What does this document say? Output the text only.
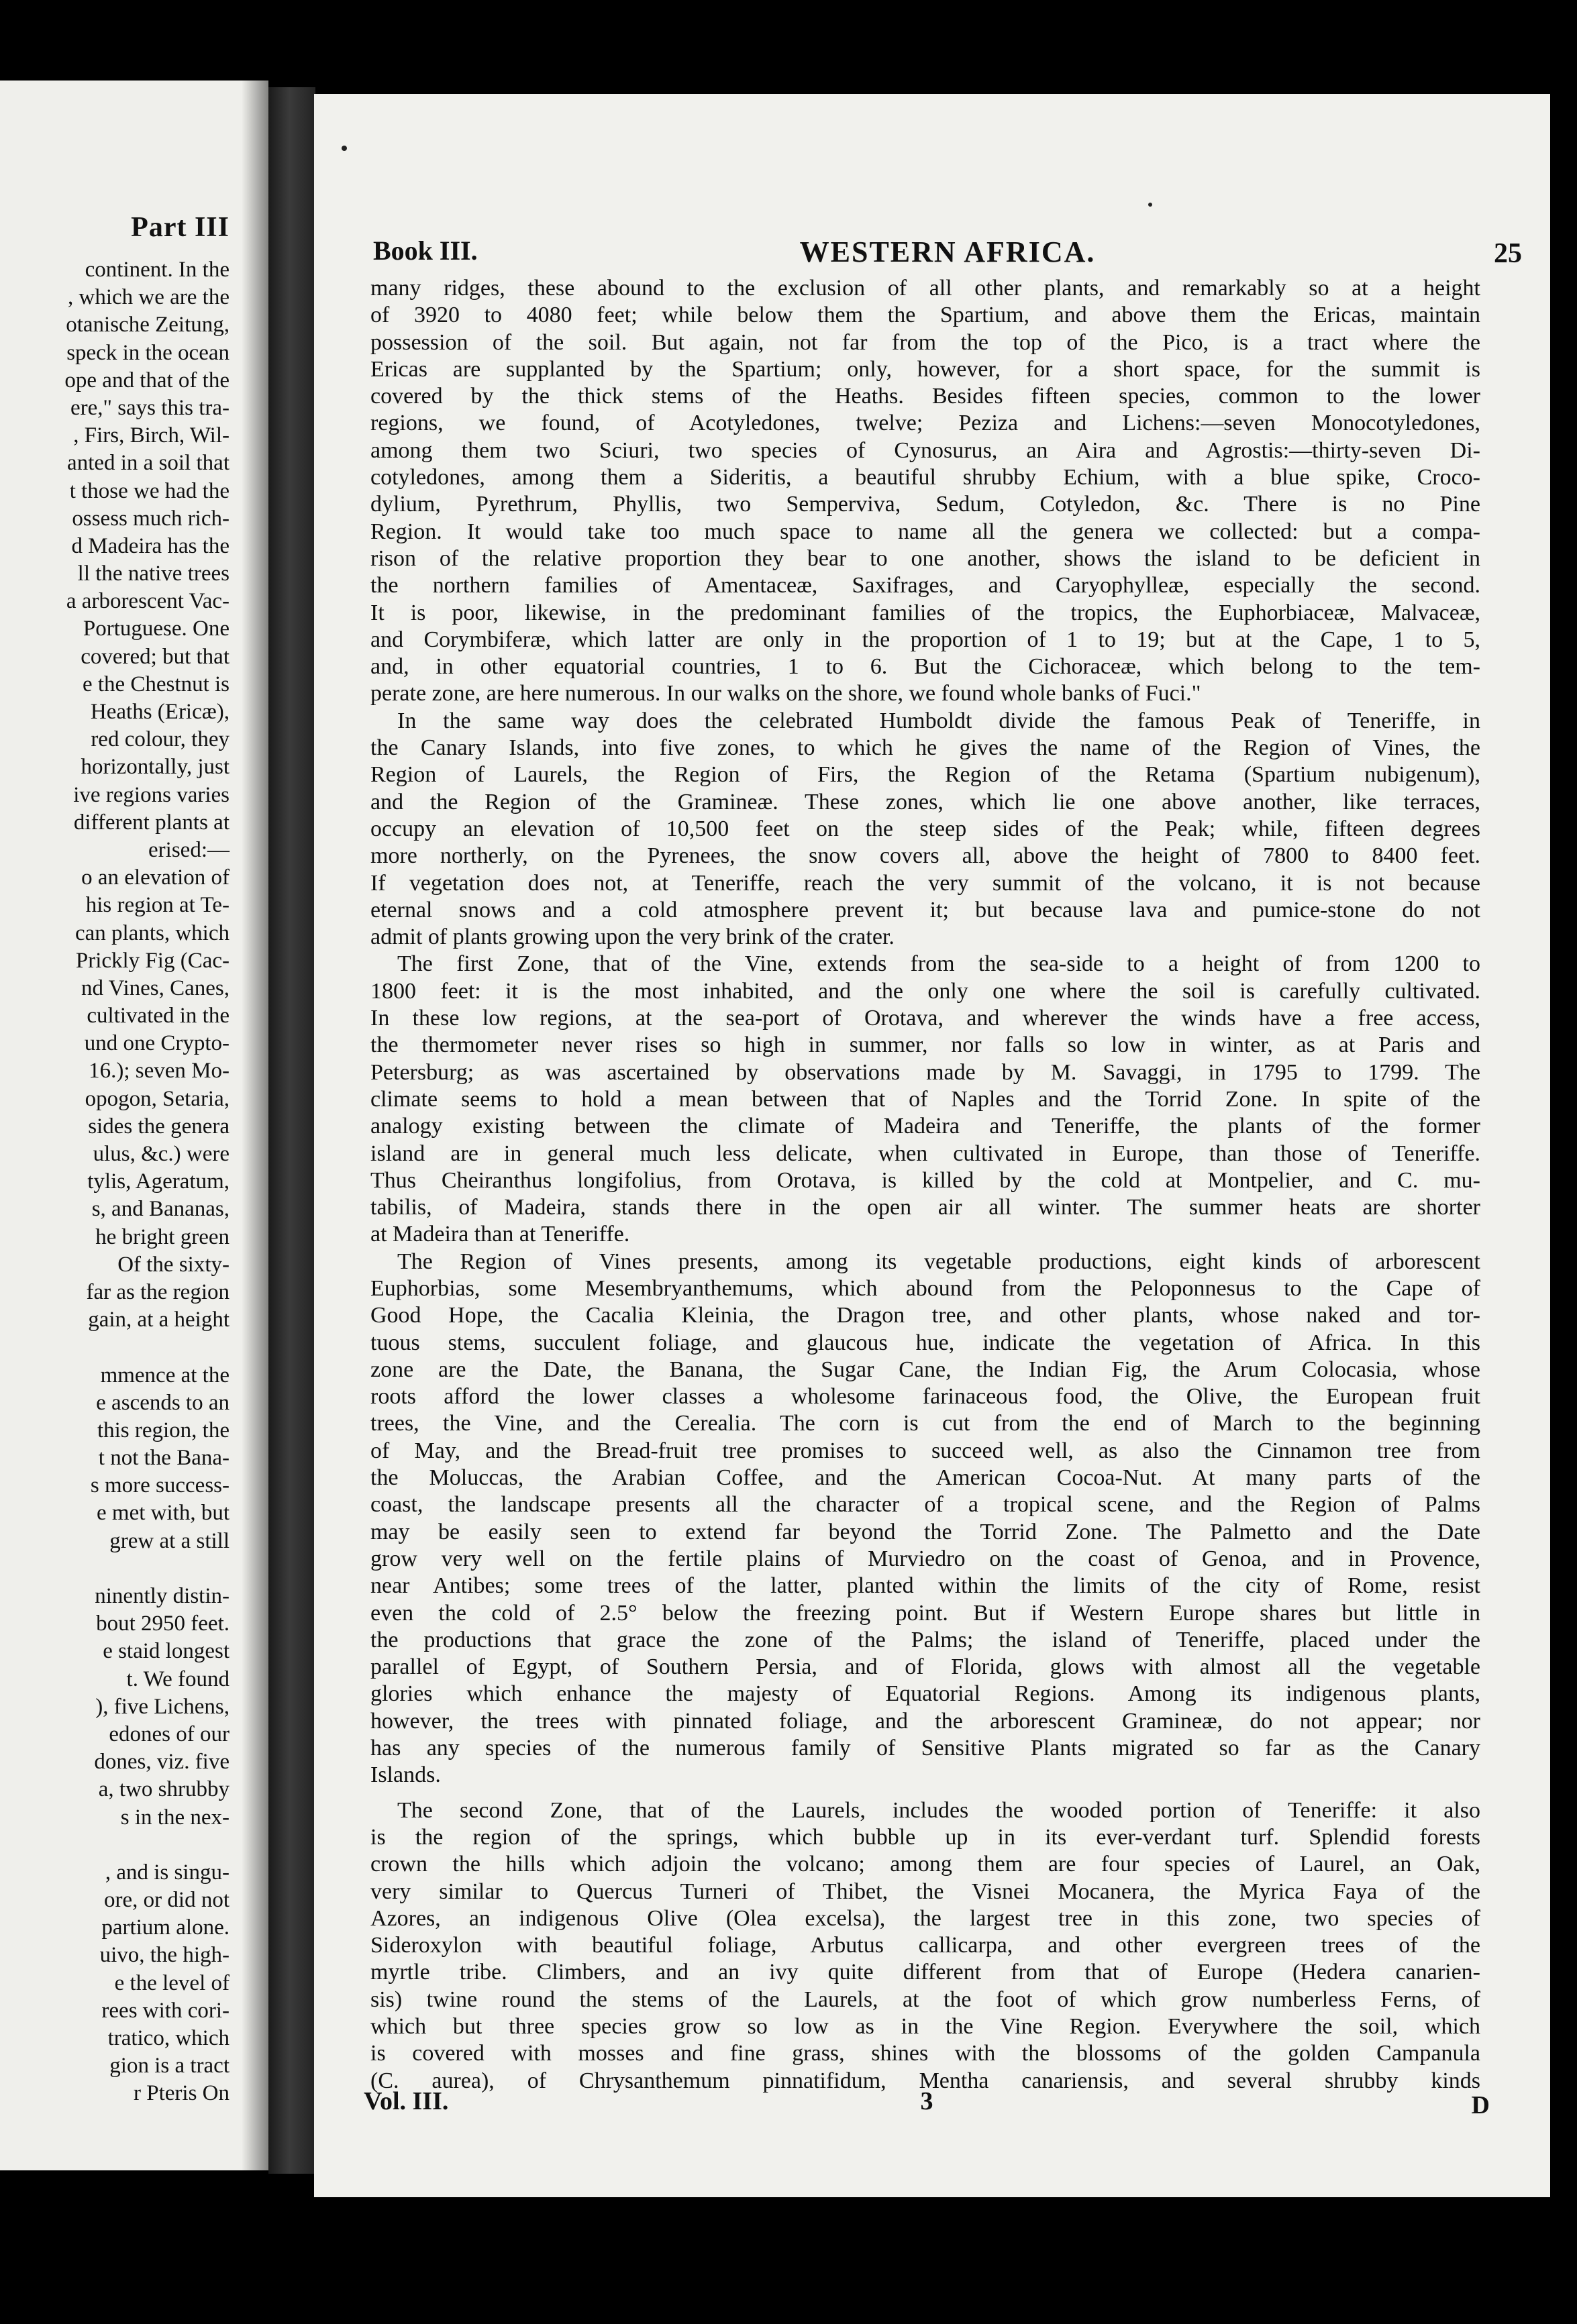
Part III
continent. In the
, which we are the
otanische Zeitung,
speck in the ocean
ope and that of the
ere," says this tra-
, Firs, Birch, Wil-
anted in a soil that
t those we had the
ossess much rich-
d Madeira has the
ll the native trees
a arborescent Vac-
Portuguese. One
covered; but that
e the Chestnut is
Heaths (Ericæ),
red colour, they
horizontally, just
ive regions varies
different plants at
erised:—
o an elevation of
his region at Te-
can plants, which
Prickly Fig (Cac-
nd Vines, Canes,
cultivated in the
und one Crypto-
16.); seven Mo-
opogon, Setaria,
sides the genera
ulus, &c.) were
tylis, Ageratum,
s, and Bananas,
he bright green
Of the sixty-
far as the region
gain, at a height
mmence at the
e ascends to an
this region, the
t not the Bana-
s more success-
e met with, but
grew at a still
ninently distin-
bout 2950 feet.
e staid longest
t. We found
), five Lichens,
edones of our
dones, viz. five
a, two shrubby
s in the nex-
, and is singu-
ore, or did not
partium alone.
uivo, the high-
e the level of
rees with cori-
tratico, which
gion is a tract
r Pteris On
Book III.	WESTERN AFRICA.	25
many ridges, these abound to the exclusion of all other plants, and remarkably so at a height
of 3920 to 4080 feet; while below them the Spartium, and above them the Ericas, maintain
possession of the soil. But again, not far from the top of the Pico, is a tract where the
Ericas are supplanted by the Spartium; only, however, for a short space, for the summit is
covered by the thick stems of the Heaths. Besides fifteen species, common to the lower
regions, we found, of Acotyledones, twelve; Peziza and Lichens:—seven Monocotyledones,
among them two Sciuri, two species of Cynosurus, an Aira and Agrostis:—thirty-seven Di-
cotyledones, among them a Sideritis, a beautiful shrubby Echium, with a blue spike, Croco-
dylium, Pyrethrum, Phyllis, two Semperviva, Sedum, Cotyledon, &c. There is no Pine
Region. It would take too much space to name all the genera we collected: but a compa-
rison of the relative proportion they bear to one another, shows the island to be deficient in
the northern families of Amentaceæ, Saxifrages, and Caryophylleæ, especially the second.
It is poor, likewise, in the predominant families of the tropics, the Euphorbiaceæ, Malvaceæ,
and Corymbiferæ, which latter are only in the proportion of 1 to 19; but at the Cape, 1 to 5,
and, in other equatorial countries, 1 to 6. But the Cichoraceæ, which belong to the tem-
perate zone, are here numerous. In our walks on the shore, we found whole banks of Fuci."
In the same way does the celebrated Humboldt divide the famous Peak of Teneriffe, in
the Canary Islands, into five zones, to which he gives the name of the Region of Vines, the
Region of Laurels, the Region of Firs, the Region of the Retama (Spartium nubigenum),
and the Region of the Gramineæ. These zones, which lie one above another, like terraces,
occupy an elevation of 10,500 feet on the steep sides of the Peak; while, fifteen degrees
more northerly, on the Pyrenees, the snow covers all, above the height of 7800 to 8400 feet.
If vegetation does not, at Teneriffe, reach the very summit of the volcano, it is not because
eternal snows and a cold atmosphere prevent it; but because lava and pumice-stone do not
admit of plants growing upon the very brink of the crater.
The first Zone, that of the Vine, extends from the sea-side to a height of from 1200 to
1800 feet: it is the most inhabited, and the only one where the soil is carefully cultivated.
In these low regions, at the sea-port of Orotava, and wherever the winds have a free access,
the thermometer never rises so high in summer, nor falls so low in winter, as at Paris and
Petersburg; as was ascertained by observations made by M. Savaggi, in 1795 to 1799. The
climate seems to hold a mean between that of Naples and the Torrid Zone. In spite of the
analogy existing between the climate of Madeira and Teneriffe, the plants of the former
island are in general much less delicate, when cultivated in Europe, than those of Teneriffe.
Thus Cheiranthus longifolius, from Orotava, is killed by the cold at Montpelier, and C. mu-
tabilis, of Madeira, stands there in the open air all winter. The summer heats are shorter
at Madeira than at Teneriffe.
The Region of Vines presents, among its vegetable productions, eight kinds of arborescent
Euphorbias, some Mesembryanthemums, which abound from the Peloponnesus to the Cape of
Good Hope, the Cacalia Kleinia, the Dragon tree, and other plants, whose naked and tor-
tuous stems, succulent foliage, and glaucous hue, indicate the vegetation of Africa. In this
zone are the Date, the Banana, the Sugar Cane, the Indian Fig, the Arum Colocasia, whose
roots afford the lower classes a wholesome farinaceous food, the Olive, the European fruit
trees, the Vine, and the Cerealia. The corn is cut from the end of March to the beginning
of May, and the Bread-fruit tree promises to succeed well, as also the Cinnamon tree from
the Moluccas, the Arabian Coffee, and the American Cocoa-Nut. At many parts of the
coast, the landscape presents all the character of a tropical scene, and the Region of Palms
may be easily seen to extend far beyond the Torrid Zone. The Palmetto and the Date
grow very well on the fertile plains of Murviedro on the coast of Genoa, and in Provence,
near Antibes; some trees of the latter, planted within the limits of the city of Rome, resist
even the cold of 2.5° below the freezing point. But if Western Europe shares but little in
the productions that grace the zone of the Palms; the island of Teneriffe, placed under the
parallel of Egypt, of Southern Persia, and of Florida, glows with almost all the vegetable
glories which enhance the majesty of Equatorial Regions. Among its indigenous plants,
however, the trees with pinnated foliage, and the arborescent Gramineæ, do not appear; nor
has any species of the numerous family of Sensitive Plants migrated so far as the Canary
Islands.
The second Zone, that of the Laurels, includes the wooded portion of Teneriffe: it also
is the region of the springs, which bubble up in its ever-verdant turf. Splendid forests
crown the hills which adjoin the volcano; among them are four species of Laurel, an Oak,
very similar to Quercus Turneri of Thibet, the Visnei Mocanera, the Myrica Faya of the
Azores, an indigenous Olive (Olea excelsa), the largest tree in this zone, two species of
Sideroxylon with beautiful foliage, Arbutus callicarpa, and other evergreen trees of the
myrtle tribe. Climbers, and an ivy quite different from that of Europe (Hedera canarien-
sis) twine round the stems of the Laurels, at the foot of which grow numberless Ferns, of
which but three species grow so low as in the Vine Region. Everywhere the soil, which
is covered with mosses and fine grass, shines with the blossoms of the golden Campanula
(C. aurea), of Chrysanthemum pinnatifidum, Mentha canariensis, and several shrubby kinds
Vol. III.	3	D
